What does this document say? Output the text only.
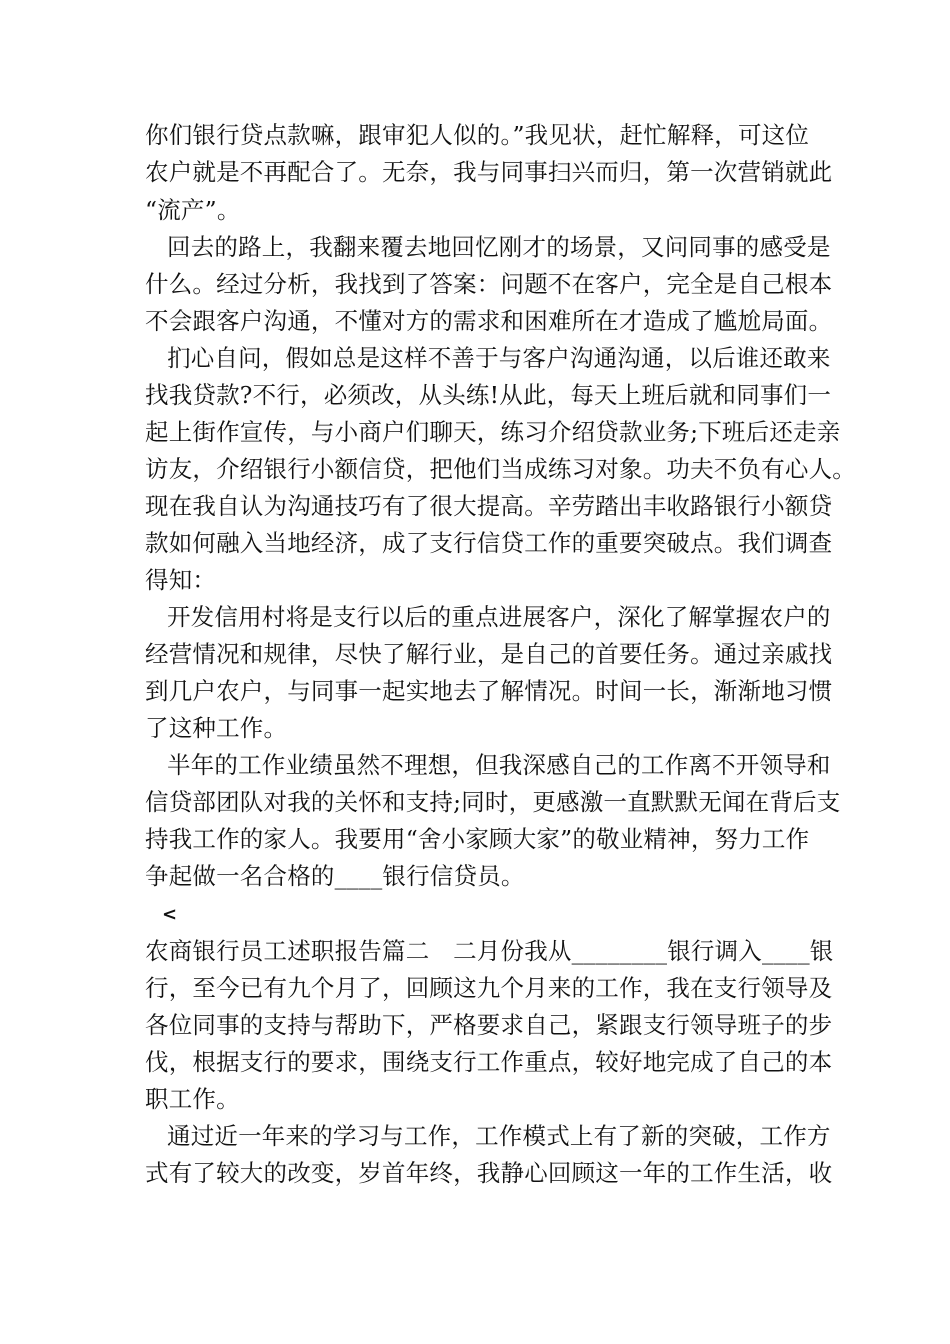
你们银行贷点款嘛，跟审犯人似的。”我见状，赶忙解释，可这位
农户就是不再配合了。无奈，我与同事扫兴而归，第一次营销就此
“流产”。
回去的路上，我翻来覆去地回忆刚才的场景，又问同事的感受是
什么。经过分析，我找到了答案：问题不在客户，完全是自己根本
不会跟客户沟通，不懂对方的需求和困难所在才造成了尴尬局面。
扪心自问，假如总是这样不善于与客户沟通沟通，以后谁还敢来
找我贷款?不行，必须改，从头练!从此，每天上班后就和同事们一
起上街作宣传，与小商户们聊天，练习介绍贷款业务;下班后还走亲
访友，介绍银行小额信贷，把他们当成练习对象。功夫不负有心人。
现在我自认为沟通技巧有了很大提高。辛劳踏出丰收路银行小额贷
款如何融入当地经济，成了支行信贷工作的重要突破点。我们调查
得知：
开发信用村将是支行以后的重点进展客户，深化了解掌握农户的
经营情况和规律，尽快了解行业，是自己的首要任务。通过亲戚找
到几户农户，与同事一起实地去了解情况。时间一长，渐渐地习惯
了这种工作。
半年的工作业绩虽然不理想，但我深感自己的工作离不开领导和
信贷部团队对我的关怀和支持;同时，更感激一直默默无闻在背后支
持我工作的家人。我要用“舍小家顾大家”的敬业精神，努力工作
争起做一名合格的____银行信贷员。
<
农商银行员工述职报告篇二　二月份我从________银行调入____银
行，至今已有九个月了，回顾这九个月来的工作，我在支行领导及
各位同事的支持与帮助下，严格要求自己，紧跟支行领导班子的步
伐，根据支行的要求，围绕支行工作重点，较好地完成了自己的本
职工作。
通过近一年来的学习与工作，工作模式上有了新的突破，工作方
式有了较大的改变，岁首年终，我静心回顾这一年的工作生活，收
